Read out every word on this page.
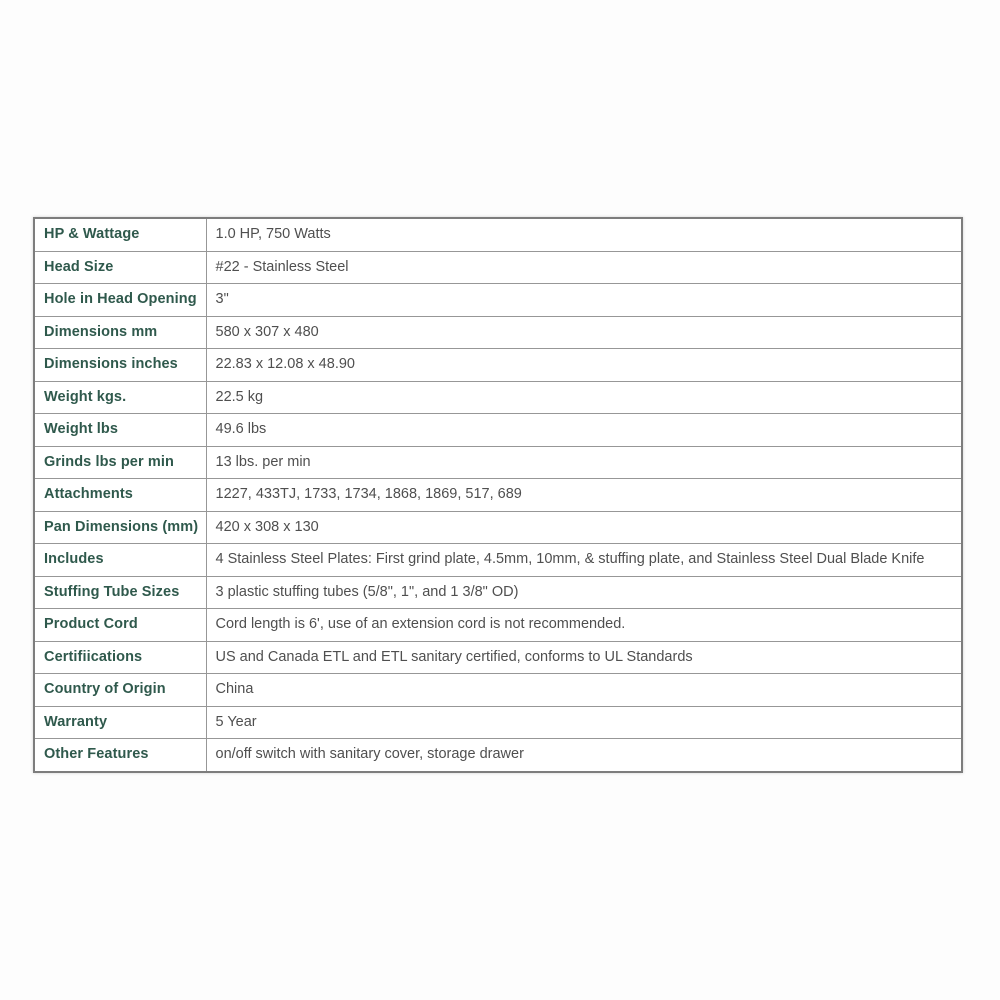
HP & Wattage	1.0 HP, 750 Watts
Head Size	#22 - Stainless Steel
Hole in Head Opening	3"
Dimensions mm	580 x 307 x 480
Dimensions inches	22.83 x 12.08 x 48.90
Weight kgs.	22.5 kg
Weight lbs	49.6 lbs
Grinds lbs per min	13 lbs. per min
Attachments	1227, 433TJ, 1733, 1734, 1868, 1869, 517, 689
Pan Dimensions (mm)	420 x 308 x 130
Includes	4 Stainless Steel Plates: First grind plate, 4.5mm, 10mm, & stuffing plate, and Stainless Steel Dual Blade Knife
Stuffing Tube Sizes	3 plastic stuffing tubes (5/8", 1", and 1 3/8" OD)
Product Cord	Cord length is 6', use of an extension cord is not recommended.
Certifiications	US and Canada ETL and ETL sanitary certified, conforms to UL Standards
Country of Origin	China
Warranty	5 Year
Other Features	on/off switch with sanitary cover, storage drawer
